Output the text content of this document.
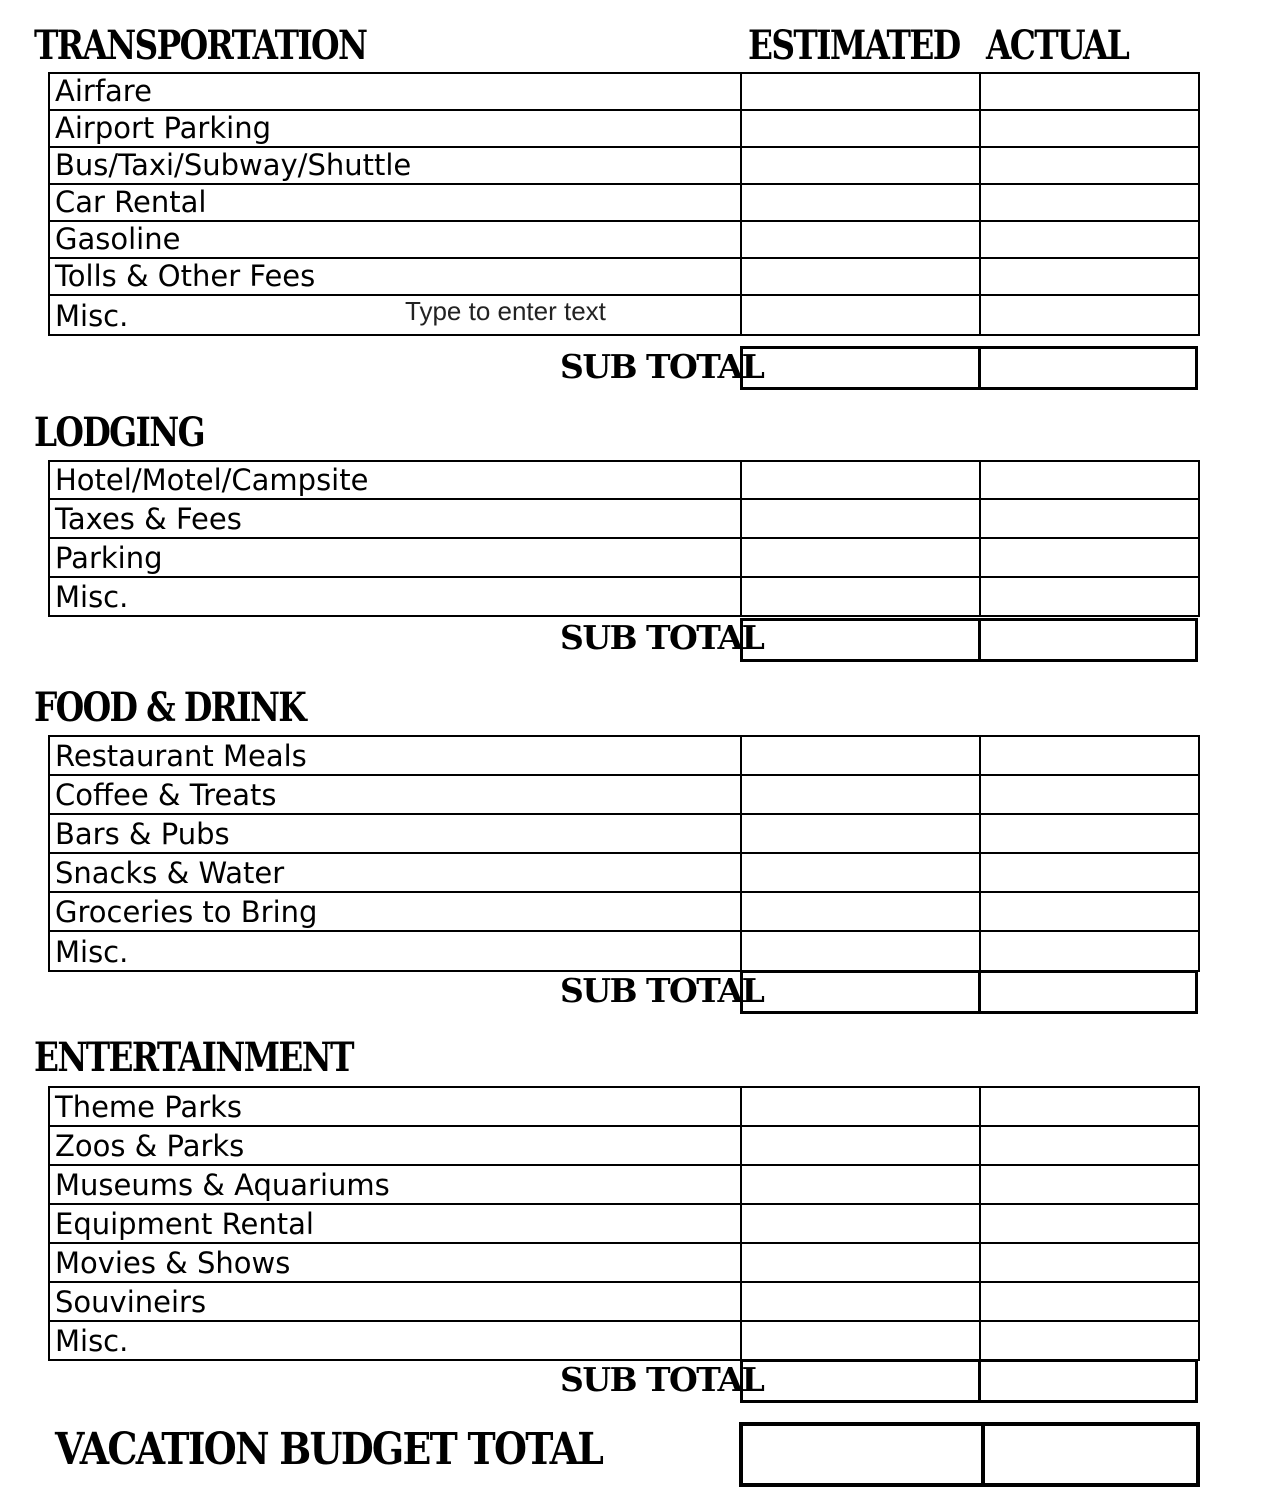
ESTIMATED ACTUAL
TRANSPORTATION
Airfare		
Airport Parking		
Bus/Taxi/Subway/Shuttle		
Car Rental		
Gasoline		
Tolls & Other Fees		
Misc.			Type to enter text
SUB TOTAL
LODGING
Hotel/Motel/Campsite		
Taxes & Fees		
Parking		
Misc.		
SUB TOTAL
FOOD & DRINK
Restaurant Meals		
Coffee & Treats		
Bars & Pubs		
Snacks & Water		
Groceries to Bring		
Misc.		
SUB TOTAL
ENTERTAINMENT
Theme Parks		
Zoos & Parks		
Museums & Aquariums		
Equipment Rental		
Movies & Shows		
Souvineirs		
Misc.		
SUB TOTAL
VACATION BUDGET TOTAL
